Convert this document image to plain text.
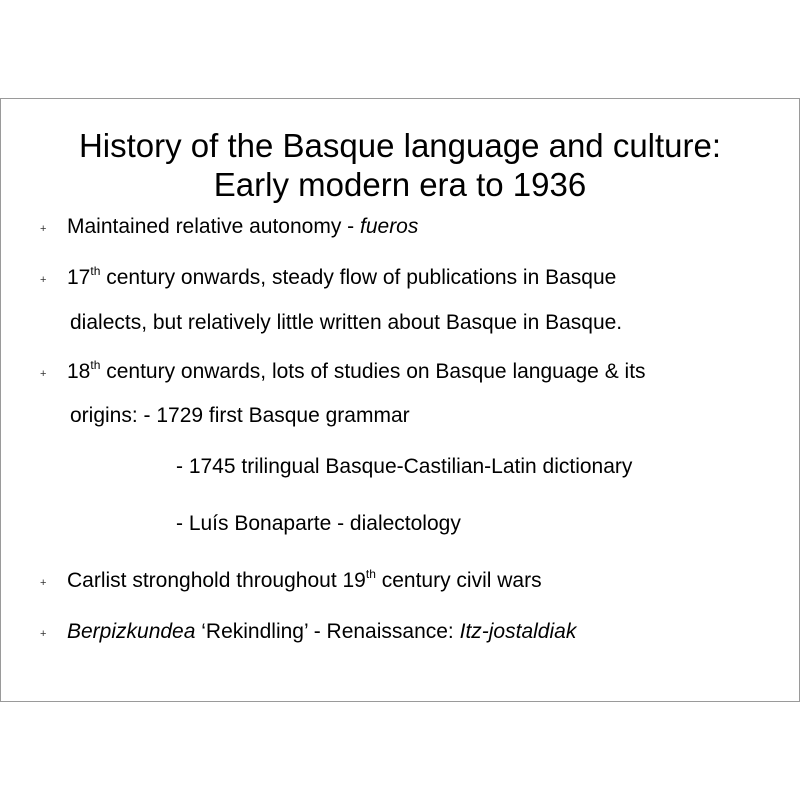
History of the Basque language and culture:
Early modern era to 1936
+ Maintained relative autonomy - fueros
+ 17th century onwards, steady flow of publications in Basque
dialects, but relatively little written about Basque in Basque.
+ 18th century onwards, lots of studies on Basque language & its
origins: - 1729 first Basque grammar
- 1745 trilingual Basque-Castilian-Latin dictionary
- Luís Bonaparte - dialectology
+ Carlist stronghold throughout 19th century civil wars
+ Berpizkundea ‘Rekindling’ - Renaissance: Itz-jostaldiak
